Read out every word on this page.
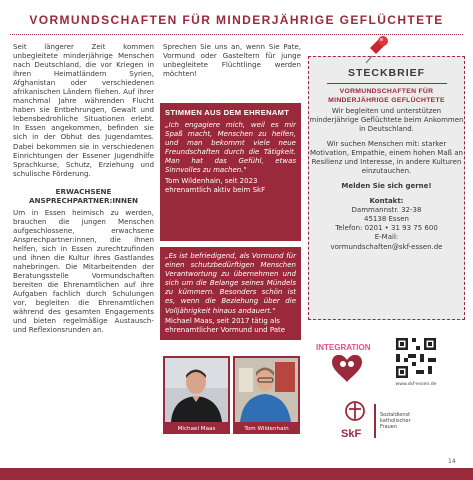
VORMUNDSCHAFTEN FÜR MINDERJÄHRIGE GEFLÜCHTETE

Seit längerer Zeit kommen unbegleitete minderjährige Menschen nach Deutschland, die vor Kriegen in ihren Heimatländern Syrien, Afghanistan oder verschiedenen afrikanischen Ländern fliehen. Auf ihrer manchmal Jahre währenden Flucht haben sie Entbehrungen, Gewalt und lebensbedrohliche Situationen erlebt. In Essen angekommen, befinden sie sich in der Obhut des Jugendamtes. Dabei bekommen sie in verschiedenen Einrichtungen der Essener Jugendhilfe Sprachkurse, Schutz, Erziehung und schulische Förderung.

ERWACHSENE
ANSPRECHPARTNER:INNEN

Um in Essen heimisch zu werden, brauchen die jungen Menschen aufgeschlossene, erwachsene Ansprechpartner:innen, die ihnen helfen, sich in Essen zurechtzufinden und ihnen die Kultur ihres Gastlandes nahebringen. Die Mitarbeitenden der Beratungsstelle Vormundschaften bereiten die Ehrenamtlichen auf ihre Aufgaben fachlich durch Schulungen vor, begleiten die Ehrenamtlichen während des gesamten Engagements und bieten regelmäßige Austausch- und Reflexionsrunden an.

Sprechen Sie uns an, wenn Sie Pate, Vormund oder Gasteltern für junge unbegleitete Flüchtlinge werden möchten!
STIMMEN AUS DEM EHRENAMT
„Ich engagiere mich, weil es mir Spaß macht, Menschen zu helfen, und man bekommt viele neue Freundschaften durch die Tätigkeit. Man hat das Gefühl, etwas Sinnvolles zu machen."
Tom Wildenhain, seit 2023 ehrenamtlich aktiv beim SkF
„Es ist befriedigend, als Vormund für einen schutzbedürftigen Menschen Verantwortung zu übernehmen und sich um die Belange seines Mündels zu kümmern. Besonders schön ist es, wenn die Beziehung über die Volljährigkeit hinaus andauert."
Michael Maas, seit 2017 tätig als ehrenamtlicher Vormund und Pate
Michael Maas	Tom Wildenhain
STECKBRIEF
VORMUNDSCHAFTEN FÜR
MINDERJÄHRIGE GEFLÜCHTETE
Wir begleiten und unterstützen minderjährige Geflüchtete beim Ankommen in Deutschland.
Wir suchen Menschen mit: starker Motivation, Empathie, einem hohen Maß an Resilienz und Interesse, in andere Kulturen einzutauchen.
Melden Sie sich gerne!
Kontakt:
Dammannstr. 32-38
45138 Essen
Telefon: 0201 • 31 93 75 600
E-Mail:
vormundschaften@skf-essen.de
INTEGRATION
www.skf-essen.de
SkF
Sozialdienst
katholischer
Frauen
14
